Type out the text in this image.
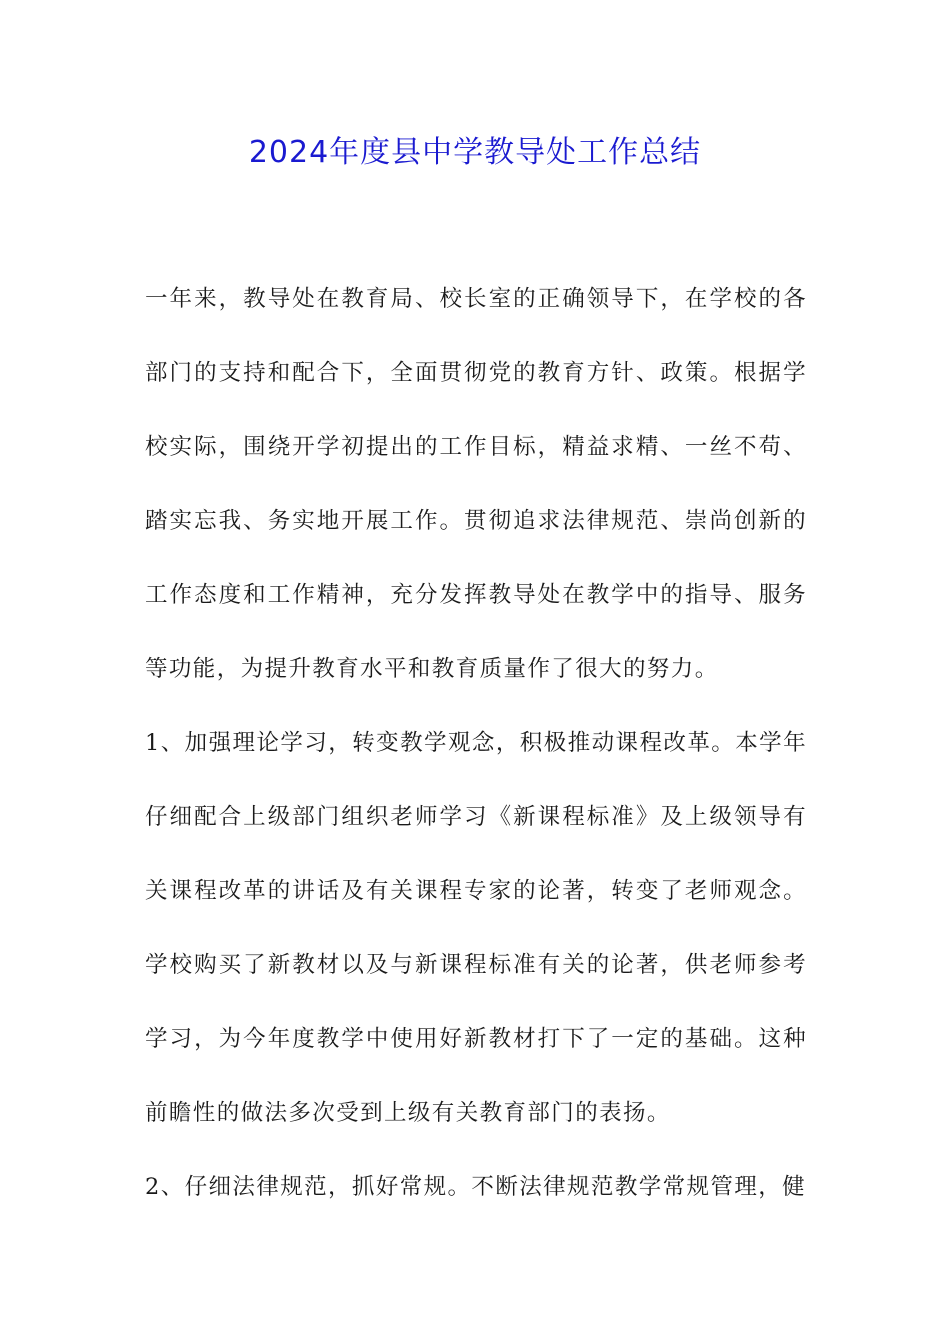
2024年度县中学教导处工作总结

一年来，教导处在教育局、校长室的正确领导下，在学校的各部门的支持和配合下，全面贯彻党的教育方针、政策。根据学校实际，围绕开学初提出的工作目标，精益求精、一丝不苟、踏实忘我、务实地开展工作。贯彻追求法律规范、崇尚创新的工作态度和工作精神，充分发挥教导处在教学中的指导、服务等功能，为提升教育水平和教育质量作了很大的努力。

1、加强理论学习，转变教学观念，积极推动课程改革。本学年仔细配合上级部门组织老师学习《新课程标准》及上级领导有关课程改革的讲话及有关课程专家的论著，转变了老师观念。学校购买了新教材以及与新课程标准有关的论著，供老师参考学习，为今年度教学中使用好新教材打下了一定的基础。这种前瞻性的做法多次受到上级有关教育部门的表扬。

2、仔细法律规范，抓好常规。不断法律规范教学常规管理，健
